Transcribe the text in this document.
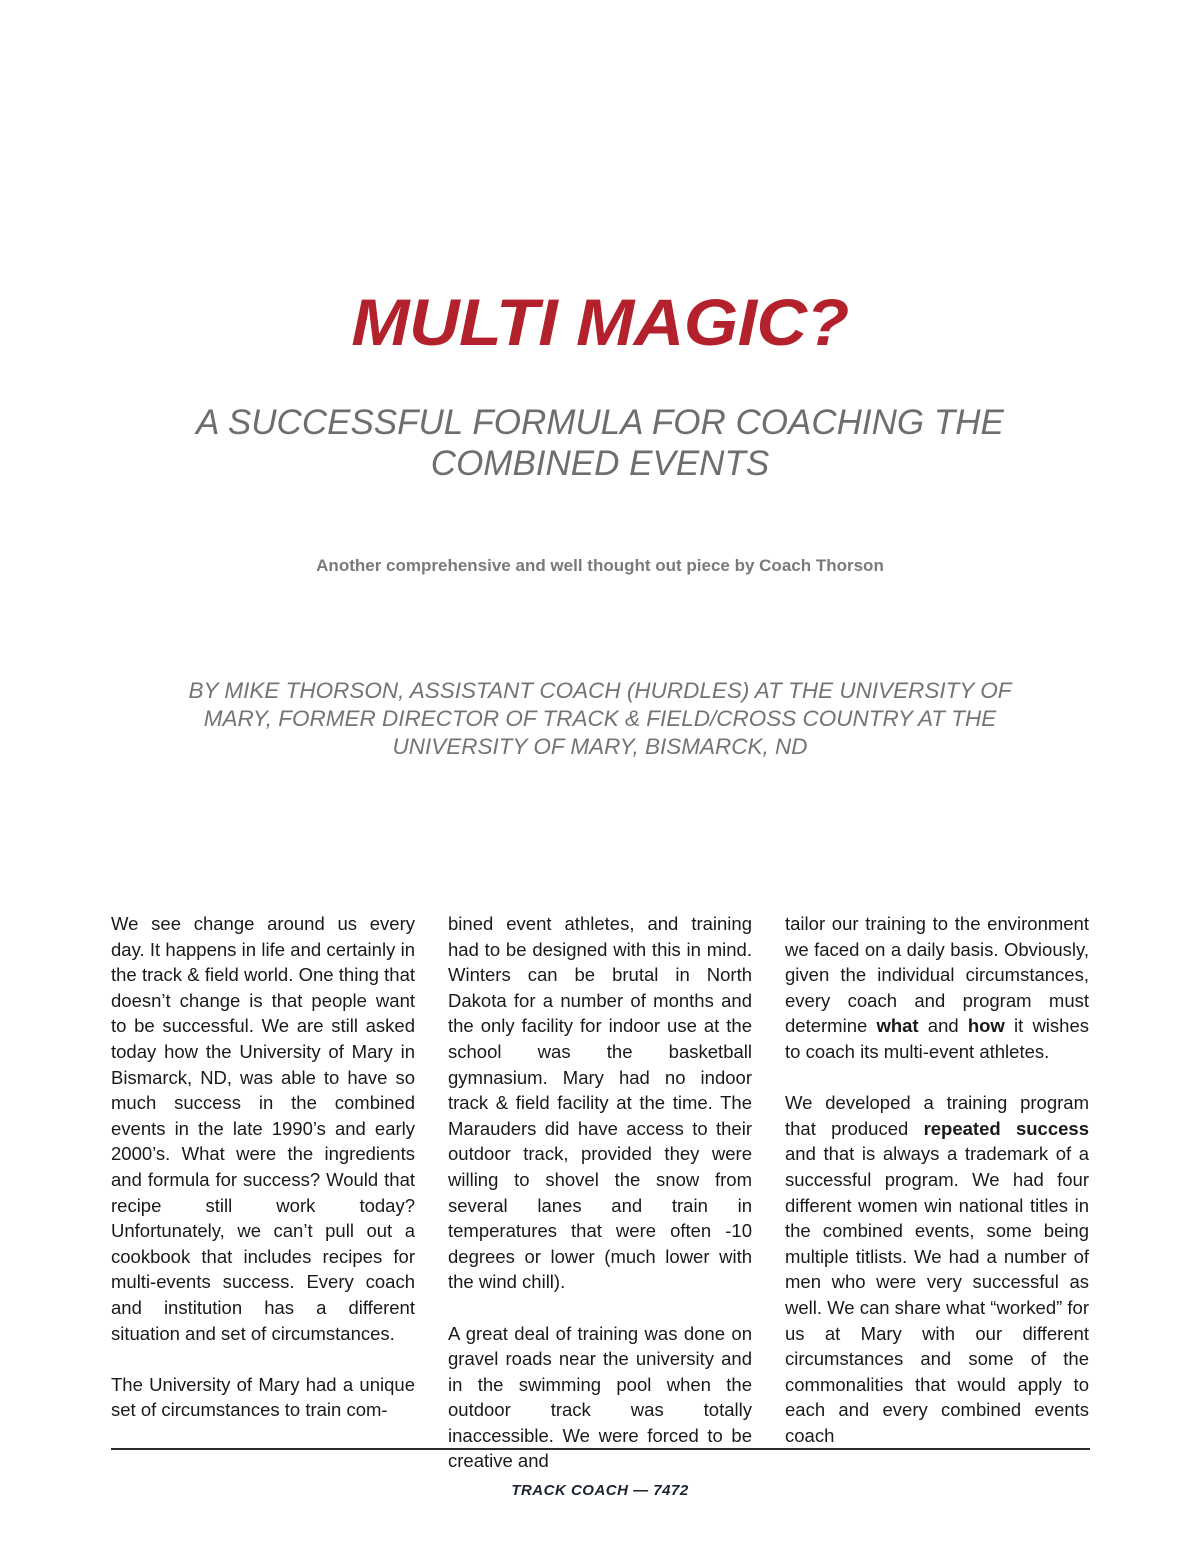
MULTI MAGIC?
A SUCCESSFUL FORMULA FOR COACHING THE COMBINED EVENTS
Another comprehensive and well thought out piece by Coach Thorson
BY MIKE THORSON, ASSISTANT COACH (HURDLES) AT THE UNIVERSITY OF MARY, FORMER DIRECTOR OF TRACK & FIELD/CROSS COUNTRY AT THE UNIVERSITY OF MARY, BISMARCK, ND

We see change around us every day. It happens in life and certainly in the track & field world. One thing that doesn’t change is that people want to be successful. We are still asked today how the University of Mary in Bismarck, ND, was able to have so much success in the combined events in the late 1990’s and early 2000’s. What were the ingredients and formula for success? Would that recipe still work today? Unfortunately, we can’t pull out a cookbook that includes recipes for multi-events success. Every coach and institution has a different situation and set of circumstances.

The University of Mary had a unique set of circumstances to train com-

bined event athletes, and training had to be designed with this in mind. Winters can be brutal in North Dakota for a number of months and the only facility for indoor use at the school was the basketball gymnasium. Mary had no indoor track & field facility at the time. The Marauders did have access to their outdoor track, provided they were willing to shovel the snow from several lanes and train in temperatures that were often -10 degrees or lower (much lower with the wind chill).

A great deal of training was done on gravel roads near the university and in the swimming pool when the outdoor track was totally inaccessible. We were forced to be creative and

tailor our training to the environment we faced on a daily basis. Obviously, given the individual circumstances, every coach and program must determine what and how it wishes to coach its multi-event athletes.

We developed a training program that produced repeated success and that is always a trademark of a successful program. We had four different women win national titles in the combined events, some being multiple titlists. We had a number of men who were very successful as well. We can share what “worked” for us at Mary with our different circumstances and some of the commonalities that would apply to each and every combined events coach

TRACK COACH — 7472
